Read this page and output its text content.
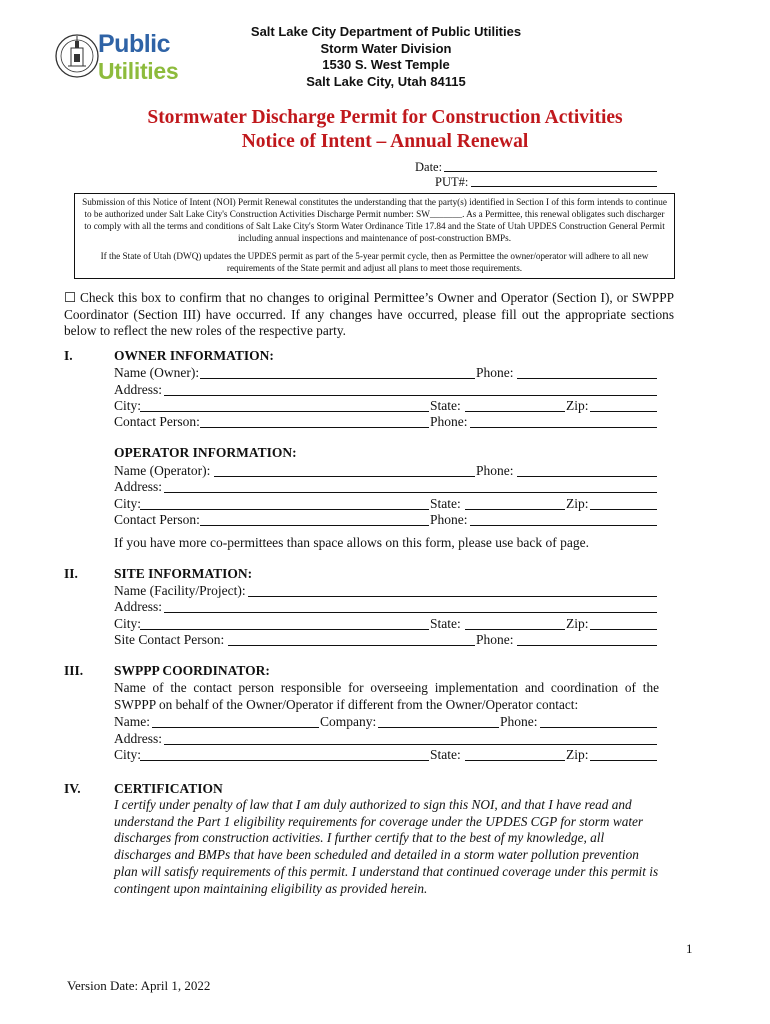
Public
Utilities
Salt Lake City Department of Public Utilities
Storm Water Division
1530 S. West Temple
Salt Lake City, Utah 84115
Stormwater Discharge Permit for Construction Activities
Notice of Intent – Annual Renewal
Date:
PUT#:

Submission of this Notice of Intent (NOI) Permit Renewal constitutes the understanding that the party(s) identified in Section I of this form intends to continue to be authorized under Salt Lake City's Construction Activities Discharge Permit number: SW_______. As a Permittee, this renewal obligates such discharger to comply with all the terms and conditions of Salt Lake City's Storm Water Ordinance Title 17.84 and the State of Utah UPDES Construction General Permit including annual inspections and maintenance of post-construction BMPs.

If the State of Utah (DWQ) updates the UPDES permit as part of the 5-year permit cycle, then as Permittee the owner/operator will adhere to all new requirements of the State permit and adjust all plans to meet those requirements.

☐ Check this box to confirm that no changes to original Permittee’s Owner and Operator (Section I), or SWPPP Coordinator (Section III) have occurred. If any changes have occurred, please fill out the appropriate sections below to reflect the new roles of the respective party.
I.	OWNER INFORMATION:
Name (Owner):	Phone:
Address:
City:	State:	Zip:
Contact Person:	Phone:
OPERATOR INFORMATION:
Name (Operator):	Phone:
Address:
City:	State:	Zip:
Contact Person:	Phone:
If you have more co-permittees than space allows on this form, please use back of page.
II.	SITE INFORMATION:
Name (Facility/Project):
Address:
City:	State:	Zip:
Site Contact Person:	Phone:
III. SWPPP COORDINATOR:
Name of the contact person responsible for overseeing implementation and coordination of the SWPPP on behalf of the Owner/Operator if different from the Owner/Operator contact:
Name:	Company:	Phone:
Address:
City:	State:	Zip:
IV. CERTIFICATION
I certify under penalty of law that I am duly authorized to sign this NOI, and that I have read and understand the Part 1 eligibility requirements for coverage under the UPDES CGP for storm water discharges from construction activities. I further certify that to the best of my knowledge, all discharges and BMPs that have been scheduled and detailed in a storm water pollution prevention plan will satisfy requirements of this permit. I understand that continued coverage under this permit is contingent upon maintaining eligibility as provided herein.
1
Version Date: April 1, 2022
